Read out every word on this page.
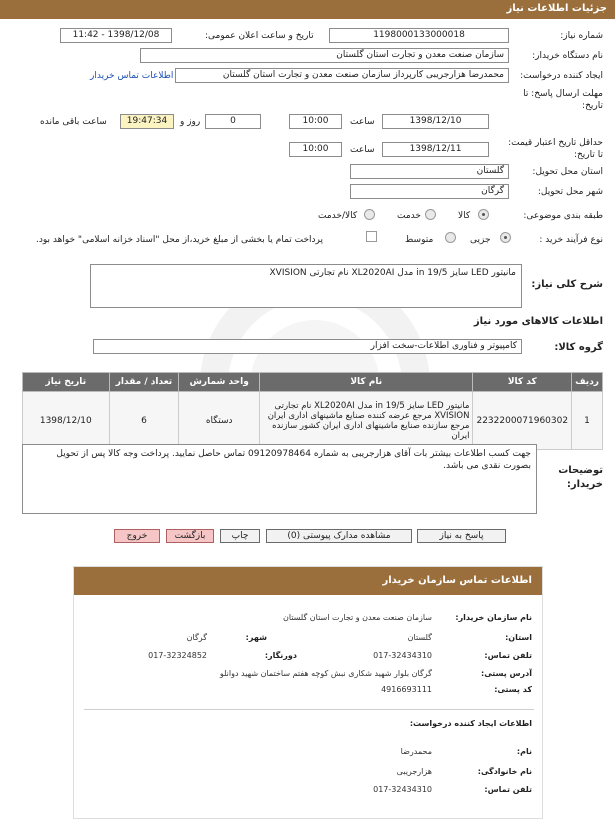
جزئیات اطلاعات نیاز
شماره نیاز:
1198000133000018
تاریخ و ساعت اعلان عمومی:
1398/12/08 - 11:42
نام دستگاه خریدار:
سازمان صنعت معدن و تجارت استان گلستان
ایجاد کننده درخواست:
محمدرضا هزارجریبی کارپرداز سازمان صنعت معدن و تجارت استان گلستان
اطلاعات تماس خریدار
مهلت ارسال پاسخ: تا تاریخ:
1398/12/10
ساعت
10:00
0
روز و
19:47:34
ساعت باقی مانده
حداقل تاریخ اعتبار قیمت: تا تاریخ:
1398/12/11
ساعت
10:00
استان محل تحویل:
گلستان
شهر محل تحویل:
گرگان
طبقه بندی موضوعی:
کالا
خدمت
کالا/خدمت
نوع فرآیند خرید :
جزیی
متوسط
پرداخت تمام یا بخشی از مبلغ خرید،از محل "اسناد خزانه اسلامی" خواهد بود.
شرح کلی نیاز:
مانیتور LED سایز 19/5 in مدل XL2020AI نام تجارتی XVISION
اطلاعات کالاهای مورد نیاز
گروه کالا:
کامپیوتر و فناوری اطلاعات-سخت افزار
ردیف	کد کالا	نام کالا	واحد شمارش	تعداد / مقدار	تاریخ نیاز
1	2232200071960302	مانیتور LED سایز 19/5 in مدل XL2020AI نام تجارتی XVISION مرجع عرضه کننده صنایع ماشینهای اداری ایران مرجع سازنده صنایع ماشینهای اداری ایران کشور سازنده ایران	دستگاه	6	1398/12/10
توضیحات خریدار:
جهت کسب اطلاعات بیشتر بات آقای هزارجریبی به شماره 09120978464 تماس حاصل نمایید. پرداخت وجه کالا پس از تحویل بصورت نقدی می باشد.
پاسخ به نیاز
مشاهده مدارک پیوستی (0)
چاپ
بازگشت
خروج
اطلاعات تماس سازمان خریدار
نام سازمان خریدار:
سازمان صنعت معدن و تجارت استان گلستان
استان:
گلستان
شهر:
گرگان
تلفن تماس:
017-32434310
دورنگار:
017-32324852
آدرس پستی:
گرگان بلوار شهید شکاری نبش کوچه هفتم ساختمان شهید دوانلو
کد پستی:
4916693111
اطلاعات ایجاد کننده درخواست:
نام:
محمدرضا
نام خانوادگی:
هزارجریبی
تلفن تماس:
017-32434310
